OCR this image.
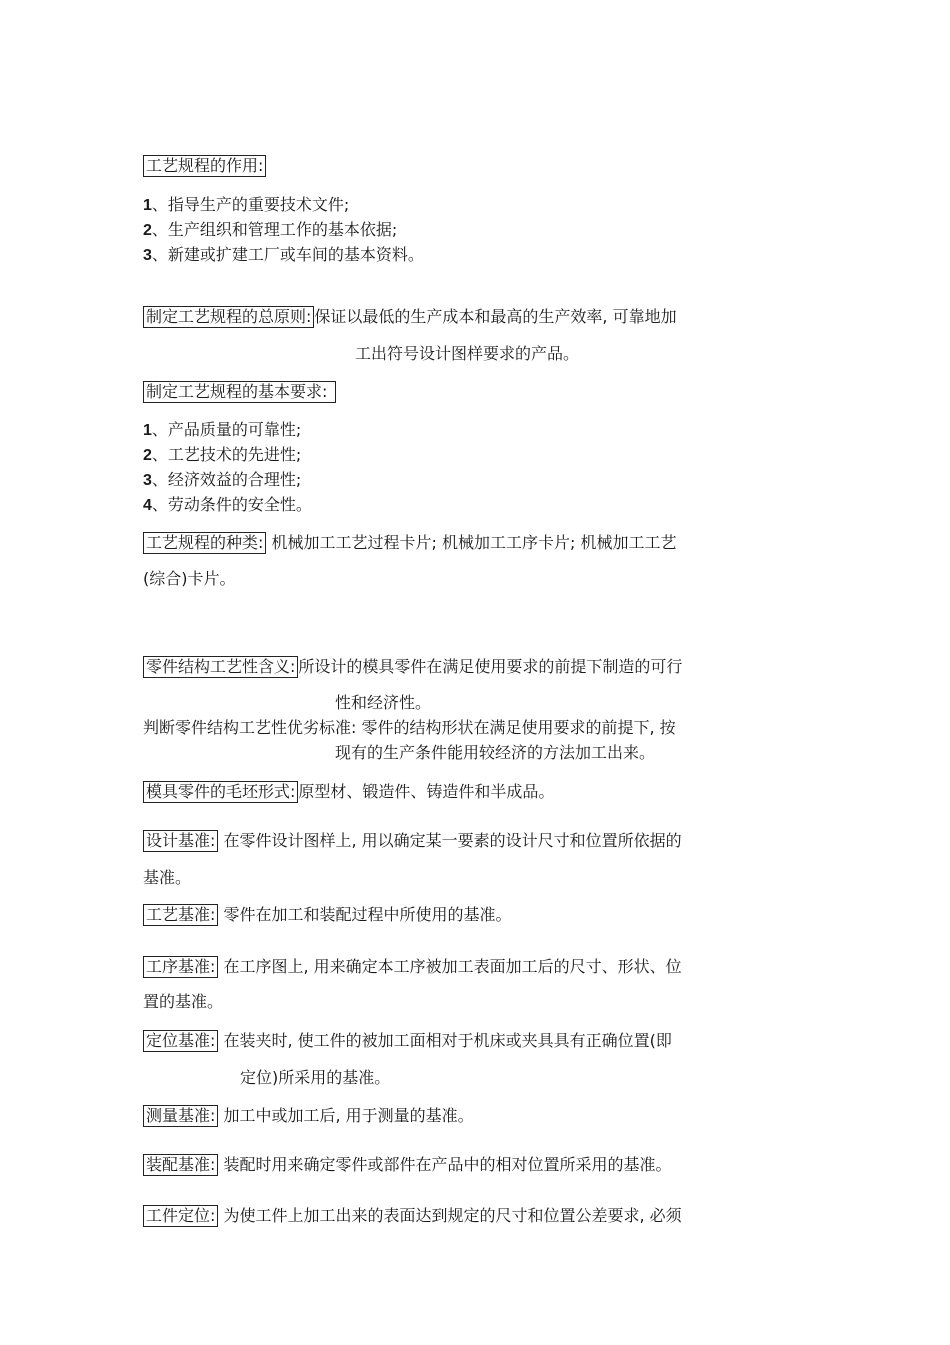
工艺规程的作用:
1、指导生产的重要技术文件;
2、生产组织和管理工作的基本依据;
3、新建或扩建工厂或车间的基本资料。
制定工艺规程的总原则: 保证以最低的生产成本和最高的生产效率, 可靠地加
工出符号设计图样要求的产品。
制定工艺规程的基本要求:
1、产品质量的可靠性;
2、工艺技术的先进性;
3、经济效益的合理性;
4、劳动条件的安全性。
工艺规程的种类: 机械加工工艺过程卡片; 机械加工工序卡片; 机械加工工艺
(综合)卡片。
零件结构工艺性含义: 所设计的模具零件在满足使用要求的前提下制造的可行
性和经济性。
判断零件结构工艺性优劣标准: 零件的结构形状在满足使用要求的前提下, 按
现有的生产条件能用较经济的方法加工出来。
模具零件的毛坯形式: 原型材、锻造件、铸造件和半成品。
设计基准: 在零件设计图样上, 用以确定某一要素的设计尺寸和位置所依据的
基准。
工艺基准: 零件在加工和装配过程中所使用的基准。
工序基准: 在工序图上, 用来确定本工序被加工表面加工后的尺寸、形状、位
置的基准。
定位基准: 在装夹时, 使工件的被加工面相对于机床或夹具具有正确位置(即
定位)所采用的基准。
测量基准: 加工中或加工后, 用于测量的基准。
装配基准: 装配时用来确定零件或部件在产品中的相对位置所采用的基准。
工件定位: 为使工件上加工出来的表面达到规定的尺寸和位置公差要求, 必须
